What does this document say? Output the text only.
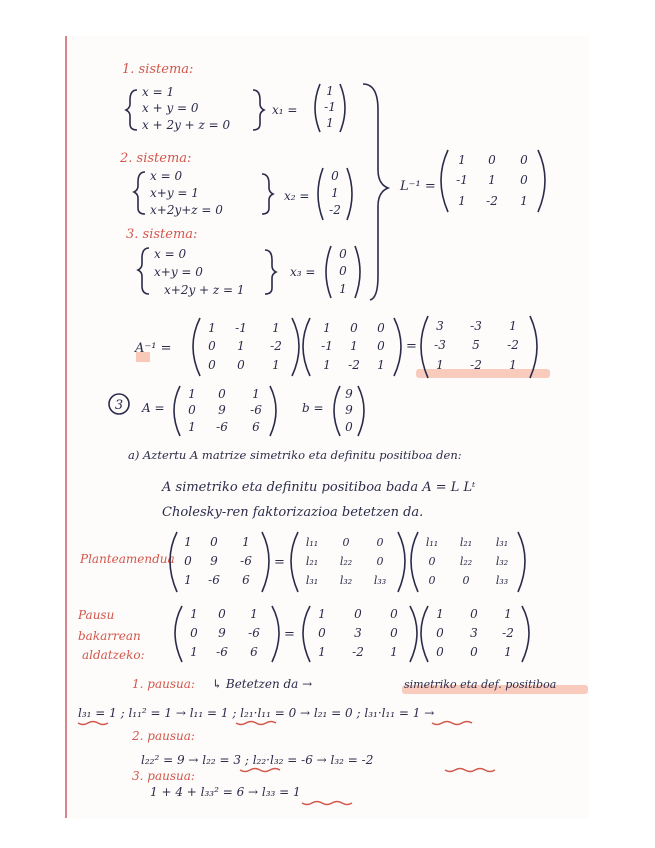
1. sistema:
x = 1
x + y = 0
x + 2y + z = 0
x₁ =
1
-1
1
2. sistema:
x = 0
x+y = 1
x+2y+z = 0
x₂ =
0
1
-2
3. sistema:
x = 0
x+y = 0
x+2y + z = 1
x₃ =
0
0
1
L⁻¹ =
1 0 0
-1 1 0
1 -2 1
A⁻¹ =
1 -1 1
0 1 -2
0 0 1
1 0 0
-1 1 0
1 -2 1
=
3 -3 1
-3 5 -2
1 -2 1
3 A =
1 0 1
0 9 -6
1 -6 6
b =
9
9
0
a) Aztertu A matrize simetriko eta definitu positiboa den:
A simetriko eta definitu positiboa bada A = L Lᵗ
Cholesky-ren faktorizazioa betetzen da.
Planteamendua
1 0 1
0 9 -6
1 -6 6
=
l₁₁ 0 0
l₂₁ l₂₂ 0
l₃₁ l₃₂ l₃₃
l₁₁ l₂₁ l₃₁
0 l₂₂ l₃₂
0 0 l₃₃
Pausu
bakarrean
aldatzeko:
1 0 1
0 9 -6
1 -6 6
=
1 0 0
0 3 0
1 -2 1
1 0 1
0 3 -2
0 0 1
1. pausua: ↳ Betetzen da →	simetriko eta def. positiboa
l₃₁ = 1 ; l₁₁² = 1 → l₁₁ = 1 ; l₂₁·l₁₁ = 0 → l₂₁ = 0 ; l₃₁·l₁₁ = 1 →
2. pausua:
l₂₂² = 9 → l₂₂ = 3 ; l₂₂·l₃₂ = -6 → l₃₂ = -2
3. pausua:
1 + 4 + l₃₃² = 6 → l₃₃ = 1
